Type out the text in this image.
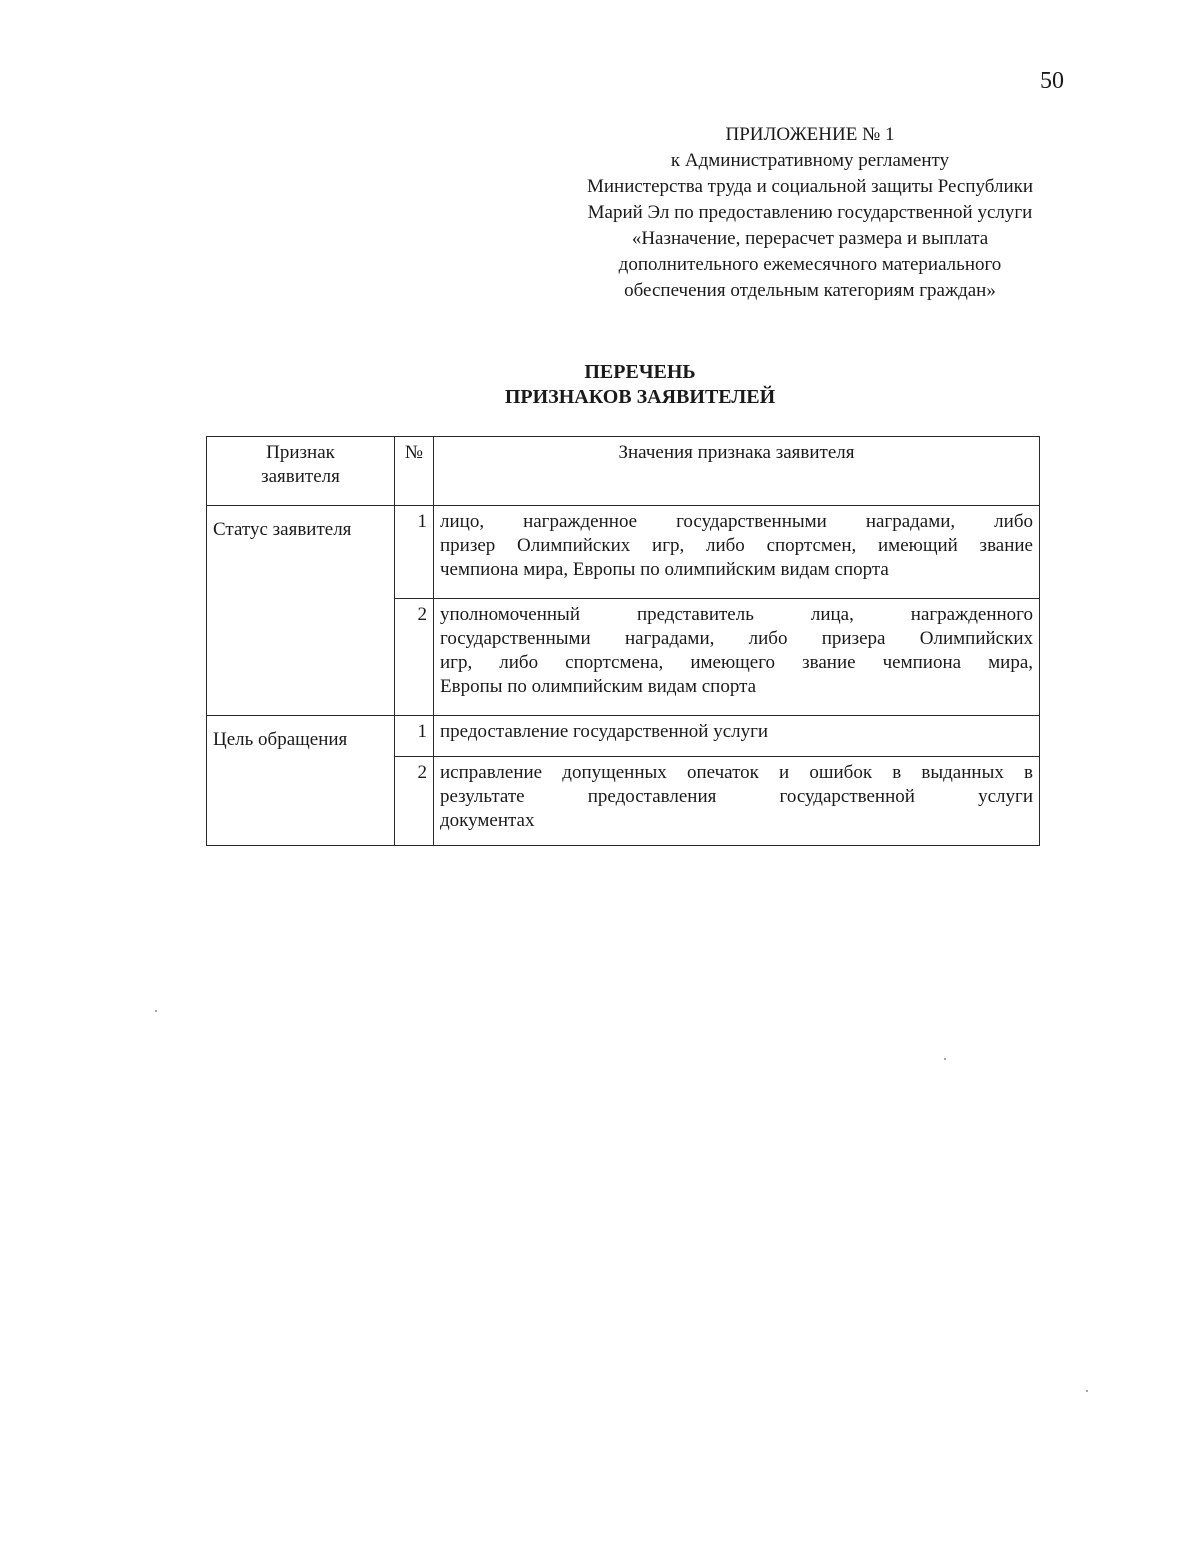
50
ПРИЛОЖЕНИЕ № 1
к Административному регламенту
Министерства труда и социальной защиты Республики
Марий Эл по предоставлению государственной услуги
«Назначение, перерасчет размера и выплата
дополнительного ежемесячного материального
обеспечения отдельным категориям граждан»
ПЕРЕЧЕНЬ
ПРИЗНАКОВ ЗАЯВИТЕЛЕЙ
Признак
заявителя	№	Значения признака заявителя
Статус заявителя	1	лицо, награжденное государственными наградами, либо
призер Олимпийских игр, либо спортсмен, имеющий звание
чемпиона мира, Европы по олимпийским видам спорта

	2	уполномоченный представитель лица, награжденного
государственными наградами, либо призера Олимпийских
игр, либо спортсмена, имеющего звание чемпиона мира,
Европы по олимпийским видам спорта

Цель обращения	1	предоставление государственной услуги

	2	исправление допущенных опечаток и ошибок в выданных в
результате предоставления государственной услуги
документах
